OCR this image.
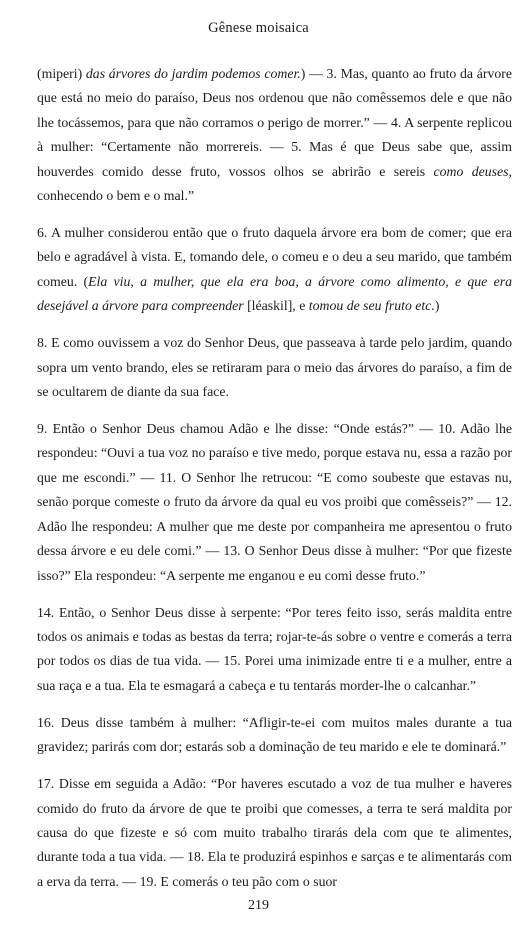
Gênese moisaica

(miperi) das árvores do jardim podemos comer.) — 3. Mas, quanto ao fruto da árvore que está no meio do paraíso, Deus nos ordenou que não comêssemos dele e que não lhe tocássemos, para que não corramos o perigo de morrer.” — 4. A serpente replicou à mulher: “Certamente não morrereis. — 5. Mas é que Deus sabe que, assim houverdes comido desse fruto, vossos olhos se abrirão e sereis como deuses, conhecendo o bem e o mal.”

6. A mulher considerou então que o fruto daquela árvore era bom de comer; que era belo e agradável à vista. E, tomando dele, o comeu e o deu a seu marido, que também comeu. (Ela viu, a mulher, que ela era boa, a árvore como alimento, e que era desejável a árvore para compreender [léaskil], e tomou de seu fruto etc.)

8. E como ouvissem a voz do Senhor Deus, que passeava à tarde pelo jardim, quando sopra um vento brando, eles se retiraram para o meio das árvores do paraíso, a fim de se ocultarem de diante da sua face.

9. Então o Senhor Deus chamou Adão e lhe disse: “Onde estás?” — 10. Adão lhe respondeu: “Ouvi a tua voz no paraíso e tive medo, porque estava nu, essa a razão por que me escondi.” — 11. O Senhor lhe retrucou: “E como soubeste que estavas nu, senão porque comeste o fruto da árvore da qual eu vos proibi que comêsseis?” — 12. Adão lhe respondeu: A mulher que me deste por companheira me apresentou o fruto dessa árvore e eu dele comi.” — 13. O Senhor Deus disse à mulher: “Por que fizeste isso?” Ela respondeu: “A serpente me enganou e eu comi desse fruto.”

14. Então, o Senhor Deus disse à serpente: “Por teres feito isso, serás maldita entre todos os animais e todas as bestas da terra; rojar-te-ás sobre o ventre e comerás a terra por todos os dias de tua vida. — 15. Porei uma inimizade entre ti e a mulher, entre a sua raça e a tua. Ela te esmagará a cabeça e tu tentarás morder-lhe o calcanhar.”

16. Deus disse também à mulher: “Afligir-te-ei com muitos males durante a tua gravidez; parirás com dor; estarás sob a dominação de teu marido e ele te dominará.”

17. Disse em seguida a Adão: “Por haveres escutado a voz de tua mulher e haveres comido do fruto da árvore de que te proibi que comesses, a terra te será maldita por causa do que fizeste e só com muito trabalho tirarás dela com que te alimentes, durante toda a tua vida. — 18. Ela te produzirá espinhos e sarças e te alimentarás com a erva da terra. — 19. E comerás o teu pão com o suor

219
